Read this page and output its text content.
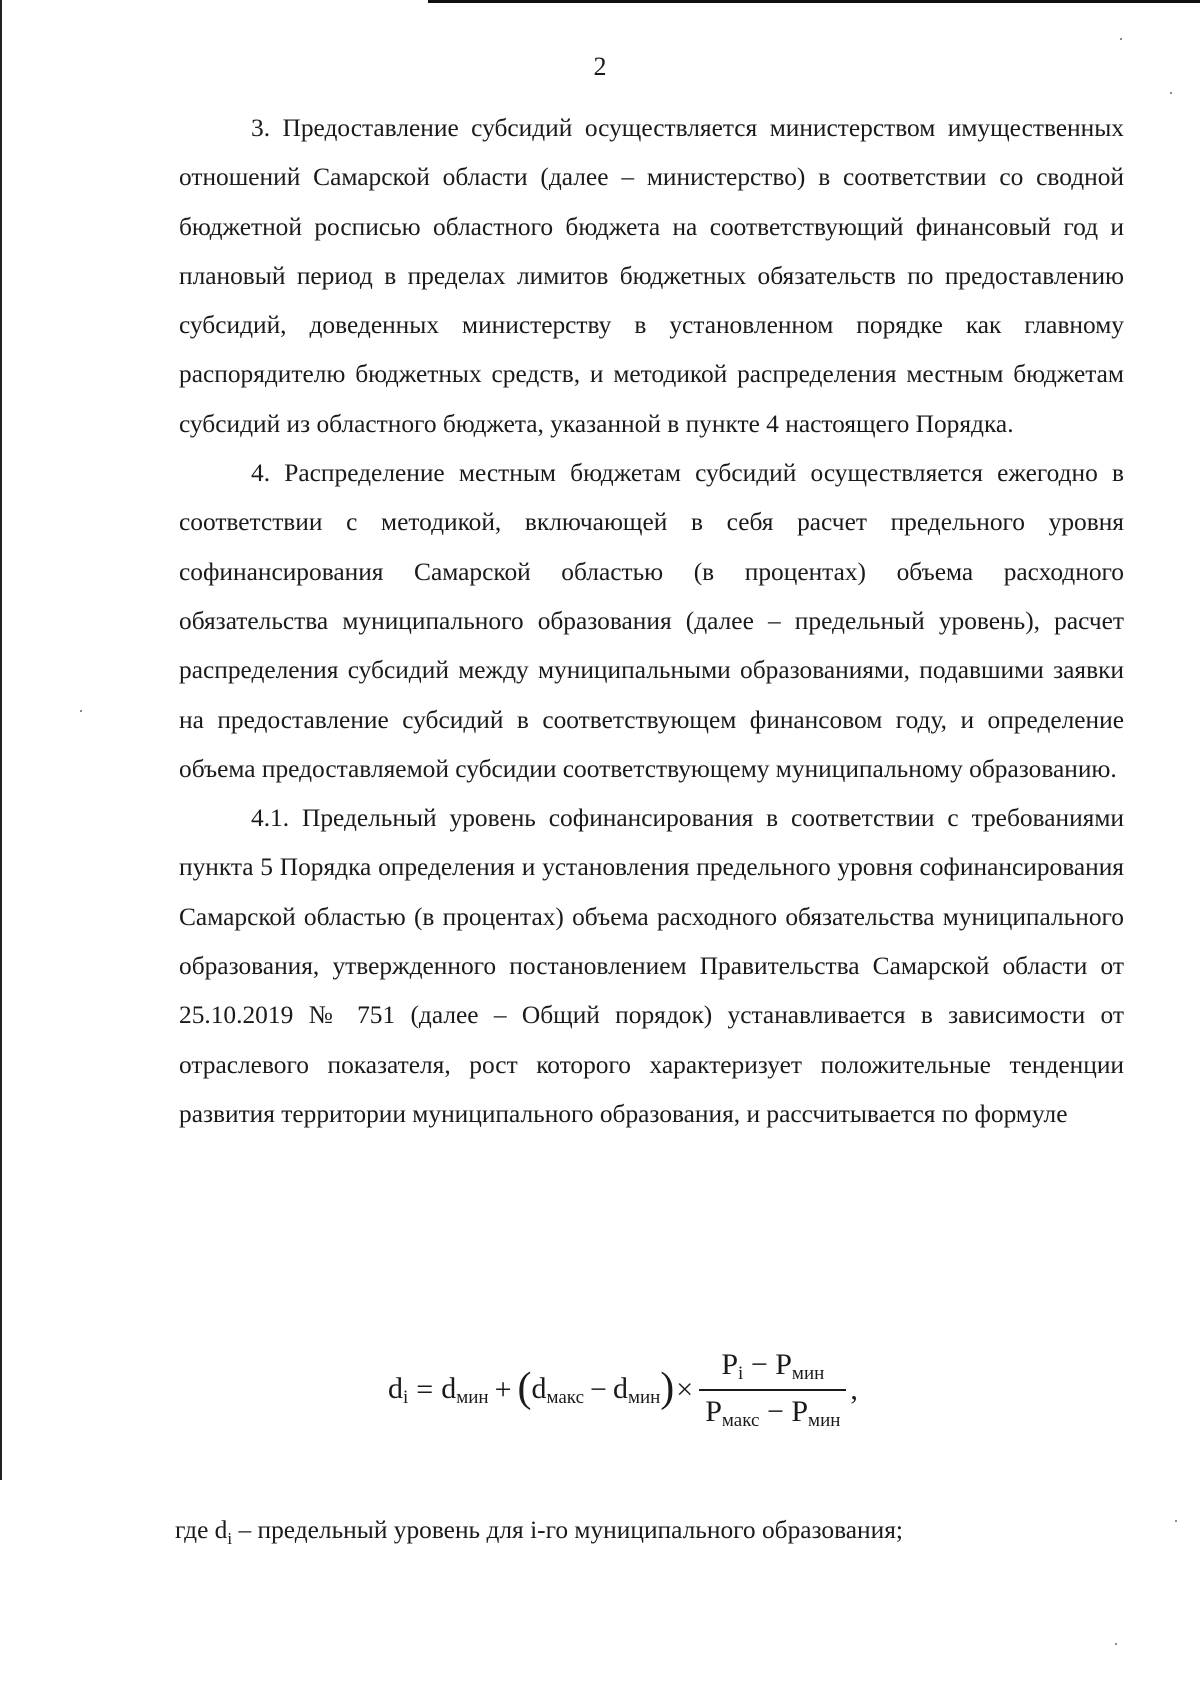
2

3. Предоставление субсидий осуществляется министерством имущественных отношений Самарской области (далее – министерство) в соответствии со сводной бюджетной росписью областного бюджета на соответствующий финансовый год и плановый период в пределах лимитов бюджетных обязательств по предоставлению субсидий, доведенных министерству в установленном порядке как главному распорядителю бюджетных средств, и методикой распределения местным бюджетам субсидий из областного бюджета, указанной в пункте 4 настоящего Порядка.

4. Распределение местным бюджетам субсидий осуществляется ежегодно в соответствии с методикой, включающей в себя расчет предельного уровня софинансирования Самарской областью (в процентах) объема расходного обязательства муниципального образования (далее – предельный уровень), расчет распределения субсидий между муниципальными образованиями, подавшими заявки на предоставление субсидий в соответствующем финансовом году, и определение объема предоставляемой субсидии соответствующему муниципальному образованию.

4.1. Предельный уровень софинансирования в соответствии с требованиями пункта 5 Порядка определения и установления предельного уровня софинансирования Самарской областью (в процентах) объема расходного обязательства муниципального образования, утвержденного постановлением Правительства Самарской области от 25.10.2019 № 751 (далее – Общий порядок) устанавливается в зависимости от отраслевого показателя, рост которого характеризует положительные тенденции развития территории муниципального образования, и рассчитывается по формуле

$d_i = d_{мин}$ + ( $d_{макс} - d_{мин}$ ) × $\frac{P_i - P_{мин}}{P_{макс} - P_{мин}}$ ,
где $d_i$ – предельный уровень для i-го муниципального образования;
